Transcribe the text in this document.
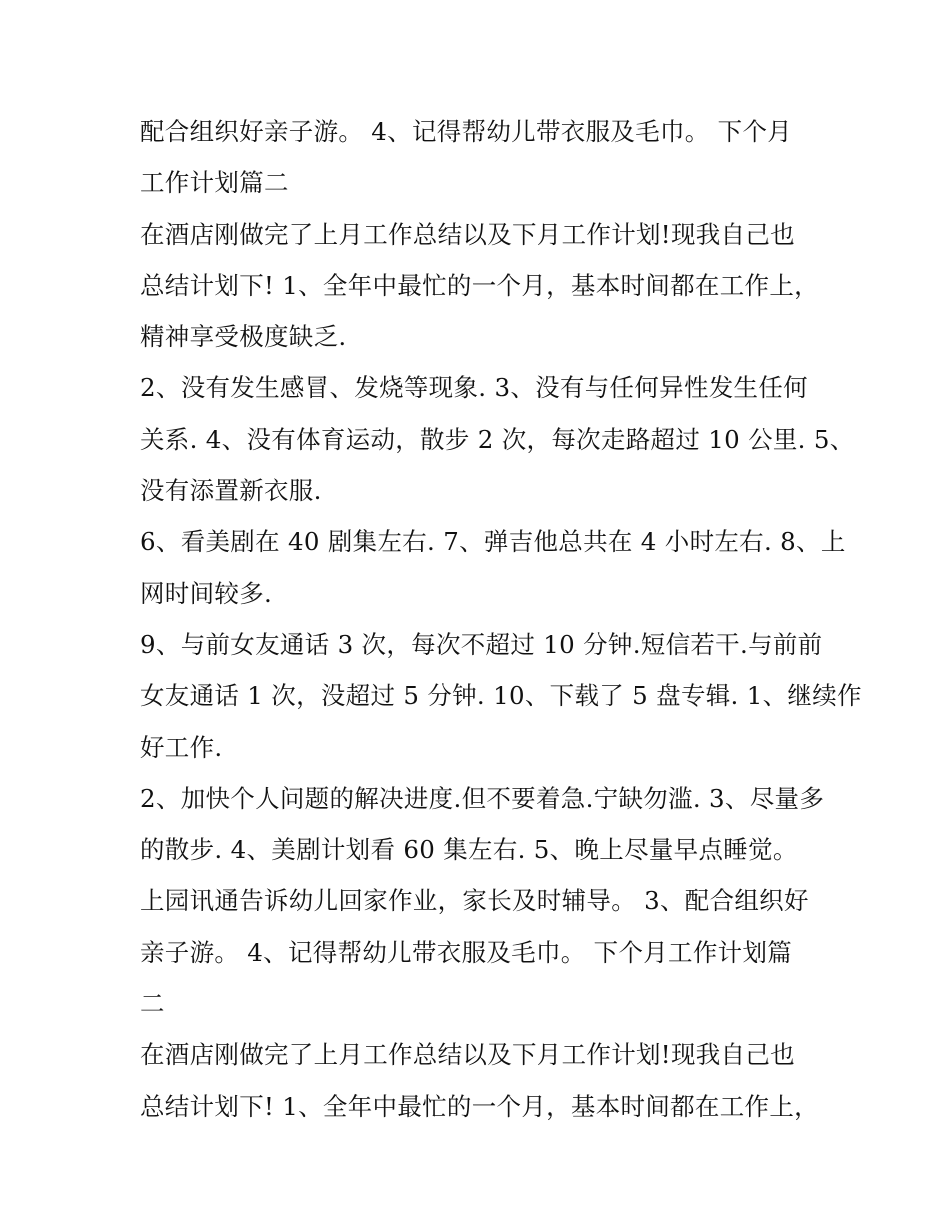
配合组织好亲子游。 4、记得帮幼儿带衣服及毛巾。 下个月
工作计划篇二
在酒店刚做完了上月工作总结以及下月工作计划!现我自己也
总结计划下! 1、全年中最忙的一个月，基本时间都在工作上，
精神享受极度缺乏.
2、没有发生感冒、发烧等现象. 3、没有与任何异性发生任何
关系. 4、没有体育运动，散步 2 次，每次走路超过 10 公里. 5、
没有添置新衣服.
6、看美剧在 40 剧集左右. 7、弹吉他总共在 4 小时左右. 8、上
网时间较多.
9、与前女友通话 3 次，每次不超过 10 分钟.短信若干.与前前
女友通话 1 次，没超过 5 分钟. 10、下载了 5 盘专辑. 1、继续作
好工作.
2、加快个人问题的解决进度.但不要着急.宁缺勿滥. 3、尽量多
的散步. 4、美剧计划看 60 集左右. 5、晚上尽量早点睡觉。
上园讯通告诉幼儿回家作业，家长及时辅导。 3、配合组织好
亲子游。 4、记得帮幼儿带衣服及毛巾。 下个月工作计划篇
二
在酒店刚做完了上月工作总结以及下月工作计划!现我自己也
总结计划下! 1、全年中最忙的一个月，基本时间都在工作上，
